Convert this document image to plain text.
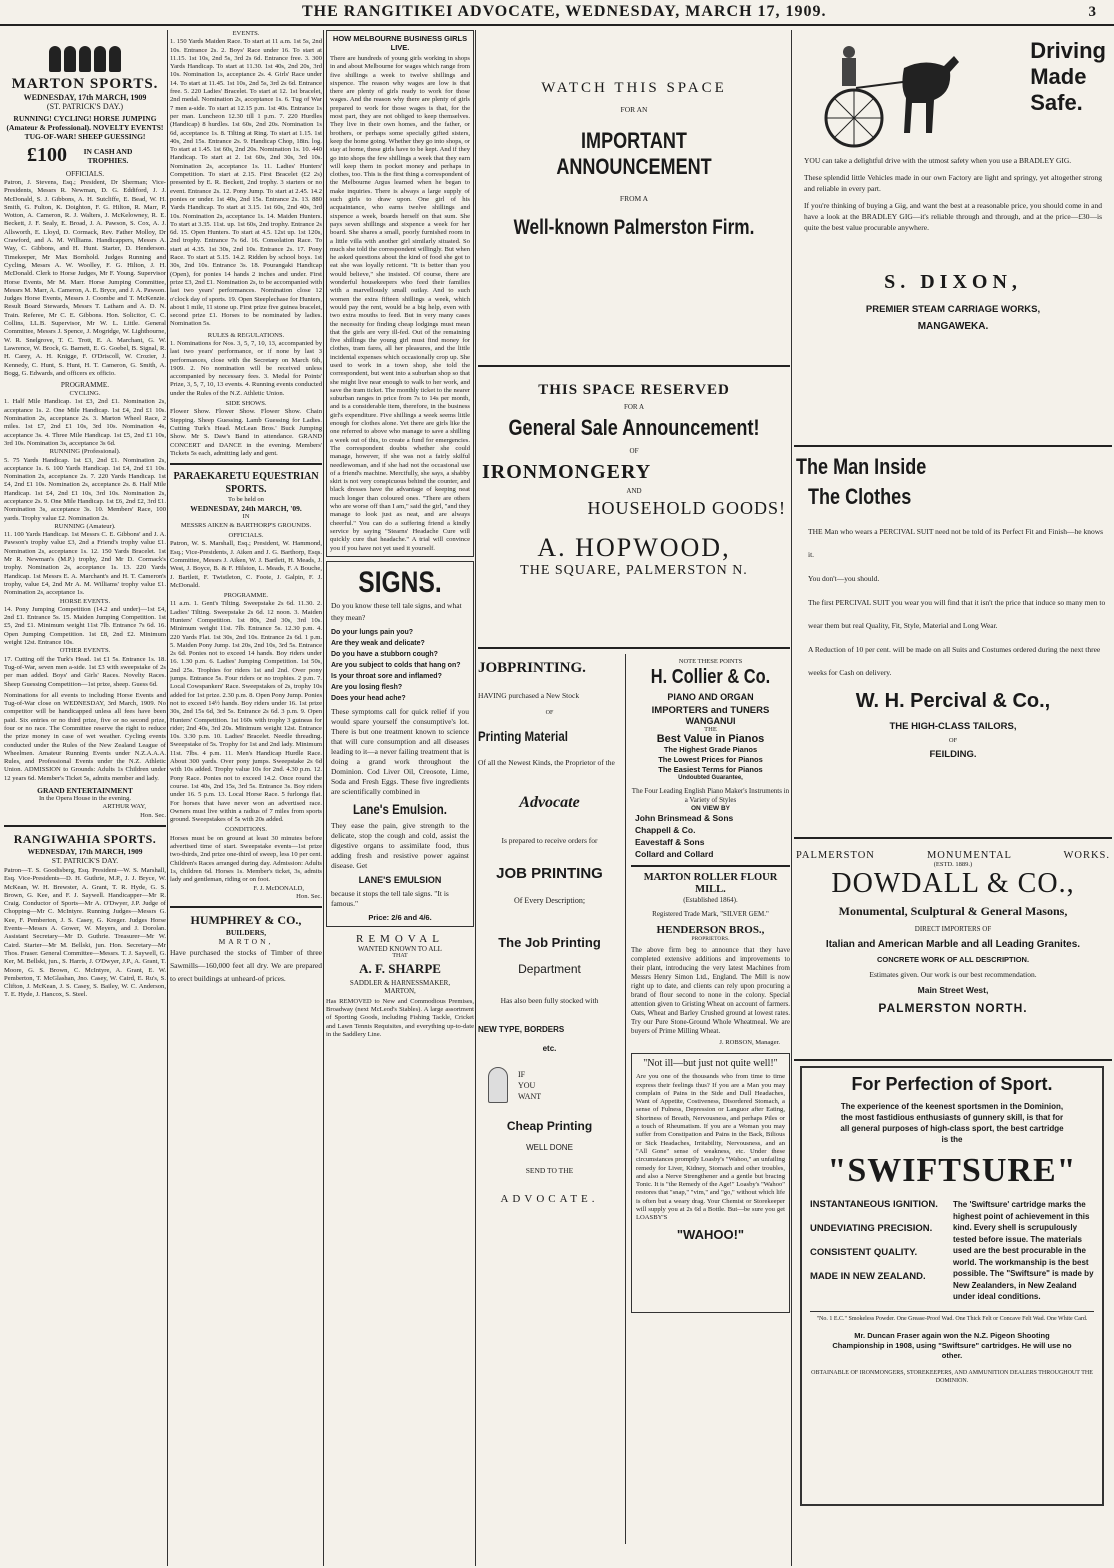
THE RANGITIKEI ADVOCATE, WEDNESDAY, MARCH 17, 1909.	3
MARTON SPORTS.
WEDNESDAY, 17th MARCH, 1909
(ST. PATRICK'S DAY.)
RUNNING! CYCLING! HORSE JUMPING (Amateur & Professional). NOVELTY EVENTS! TUG-OF-WAR! SHEEP GUESSING!
£100	IN CASH AND TROPHIES.
OFFICIALS.
Patron, J. Stevens, Esq.; President, Dr Sherman; Vice-Presidents, Messrs R. Newman, D. G. Eddiford, J. J. McDonald, S. J. Gibbons, A. H. Sutcliffe, E. Bead, W. H. Smith, G. Fulton, K. Doighton, F. G. Hilton, R. Marr, P. Wotton, A. Cameron, R. J. Walters, J. McKelowney, R. E. Beckett, J. F. Sealy, E. Broad, J. A. Pawson, S. Cox, A. J. Allsworth, E. Lloyd, D. Cormack, Rev. Father Molloy, Dr Crawford, and A. M. Williams. Handicappers, Messrs A. Way, C. Gibbons, and H. Hunt. Starter, D. Henderson. Timekeeper, Mr Max Bornhold. Judges Running and Cycling, Messrs A. W. Woolley, F. G. Hilton, J. H. McDonald. Clerk to Horse Judges, Mr F. Young. Supervisor Horse Events, Mr M. Marr. Horse Jumping Committee, Messrs M. Marr, A. Cameron, A. E. Bryce, and J. A. Pawson. Judges Horse Events, Messrs J. Coombe and T. McKenzie. Result Board Stewards, Messrs T. Latham and A. D. N. Train. Referee, Mr C. E. Gibbons. Hon. Solicitor, C. C. Collins, LL.B. Supervisor, Mr W. L. Little. General Committee, Messrs J. Spence, J. Mogridge, W. Lighthourne, W. R. Snelgrove, T. C. Trott, E. A. Marchant, G. W. Lawrence, W. Brock, G. Barnett, E. G. Goebel, B. Signal, R. H. Carey, A. H. Knigge, F. O'Driscoll, W. Crozier, J. Kennedy, C. Hunt, S. Hunt, H. T. Cameron, G. Smith, A. Bogg, G. Edwards, and officers ex officio.
PROGRAMME.
CYCLING.
1. Half Mile Handicap. 1st £3, 2nd £1. Nomination 2s, acceptance 1s. 2. One Mile Handicap. 1st £4, 2nd £1 10s. Nomination 2s, acceptance 2s. 3. Marton Wheel Race, 2 miles. 1st £7, 2nd £1 10s, 3rd 10s. Nomination 4s, acceptance 3s. 4. Three Mile Handicap. 1st £5, 2nd £1 10s, 3rd 10s. Nomination 3s, acceptance 3s 6d.
RUNNING (Professional).
5. 75 Yards Handicap. 1st £3, 2nd £1. Nomination 2s, acceptance 1s. 6. 100 Yards Handicap. 1st £4, 2nd £1 10s. Nomination 2s, acceptance 2s. 7. 220 Yards Handicap. 1st £4, 2nd £1 10s. Nomination 2s, acceptance 2s. 8. Half Mile Handicap. 1st £4, 2nd £1 10s, 3rd 10s. Nomination 2s, acceptance 2s. 9. One Mile Handicap. 1st £6, 2nd £2, 3rd £1. Nomination 3s, acceptance 3s. 10. Members' Race, 100 yards. Trophy value £2. Nomination 2s.
RUNNING (Amateur).
11. 100 Yards Handicap. 1st Messrs C. E. Gibbons' and J. A. Pawson's trophy value £3, 2nd a Friend's trophy value £1. Nomination 2s, acceptance 1s. 12. 150 Yards Bracelet. 1st Mr R. Newman's (M.P.) trophy, 2nd Mr D. Cormack's trophy. Nomination 2s, acceptance 1s. 13. 220 Yards Handicap. 1st Messrs E. A. Marchant's and H. T. Cameron's trophy, value £4, 2nd Mr A. M. Williams' trophy value £1. Nomination 2s, acceptance 1s.
HORSE EVENTS.
14. Pony Jumping Competition (14.2 and under)—1st £4, 2nd £1. Entrance 5s. 15. Maiden Jumping Competition. 1st £5, 2nd £1. Minimum weight 11st 7lb. Entrance 7s 6d. 16. Open Jumping Competition. 1st £8, 2nd £2. Minimum weight 12st. Entrance 10s.
OTHER EVENTS.
17. Cutting off the Turk's Head. 1st £1 5s. Entrance 1s. 18. Tug-of-War, seven men a-side. 1st £3 with sweepstake of 2s per man added. Boys' and Girls' Races. Novelty Races. Sheep Guessing Competition—1st prize, sheep. Guess 6d.
Nominations for all events to including Horse Events and Tug-of-War close on WEDNESDAY, 3rd March, 1909. No competitor will be handicapped unless all fees have been paid. Six entries or no third prize, five or no second prize, four or no race. The Committee reserve the right to reduce the prize money in case of wet weather. Cycling events conducted under the Rules of the New Zealand League of Wheelmen. Amateur Running Events under N.Z.A.A.A. Rules, and Professional Events under the N.Z. Athletic Union. ADMISSION to Grounds: Adults 1s Children under 12 years 6d. Member's Ticket 5s, admits member and lady.
GRAND ENTERTAINMENT
In the Opera House in the evening.
ARTHUR WAY,
Hon. Sec.
RANGIWAHIA SPORTS.
WEDNESDAY, 17th MARCH, 1909
ST. PATRICK'S DAY.
Patron—T. S. Goodisberg, Esq. President—W. S. Marshall, Esq. Vice-Presidents—D. H. Guthrie, M.P., J. J. Bryce, W. McKean, W. H. Brewster, A. Grant, T. R. Hyde, G. S. Brown, G. Kee, and F. J. Saywell. Handicapper—Mr R. Craig. Conductor of Sports—Mr A. O'Dwyer, J.P. Judge of Chopping—Mr C. McIntyre. Running Judges—Messrs G. Kee, F. Pemberton, J. S. Casey, G. Kreger. Judges Horse Events—Messrs A. Gower, W. Meyers, and J. Dorolan. Assistant Secretary—Mr D. Guthrie. Treasurer—Mr W. Caird. Starter—Mr M. Bellski, jun. Hon. Secretary—Mr Thos. Fraser. General Committee—Messrs. T. J. Saywell, G. Ker, M. Bellski, jun., S. Harris, J. O'Dwyer, J.P., A. Grant, T. Moore, G. S. Brown, C. McIntyre, A. Grant, E. W. Pemberton, T. McGlashan, Jno. Casey, W. Caird, E. Ru's, S. Clifton, J. McKean, J. S. Casey, S. Bailey, W. C. Anderson, T. E. Hyde, J. Hancox, S. Steel.
EVENTS.
1. 150 Yards Maiden Race. To start at 11 a.m. 1st 5s, 2nd 10s. Entrance 2s. 2. Boys' Race under 16. To start at 11.15. 1st 10s, 2nd 5s, 3rd 2s 6d. Entrance free. 3. 300 Yards Handicap. To start at 11.30. 1st 40s, 2nd 20s, 3rd 10s. Nomination 1s, acceptance 2s. 4. Girls' Race under 14. To start at 11.45. 1st 10s, 2nd 5s, 3rd 2s 6d. Entrance free. 5. 220 Ladies' Bracelet. To start at 12. 1st bracelet, 2nd medal. Nomination 2s, acceptance 1s. 6. Tug of War 7 men a-side. To start at 12.15 p.m. 1st 40s. Entrance 1s per man. Luncheon 12.30 till 1 p.m. 7. 220 Hurdles (Handicap) 8 hurdles. 1st 60s, 2nd 20s. Nomination 1s 6d, acceptance 1s. 8. Tilting at Ring. To start at 1.15. 1st 40s, 2nd 15s. Entrance 2s. 9. Handicap Chop, 18in. log. To start at 1.45. 1st 60s, 2nd 20s. Nomination 1s. 10. 440 Handicap. To start at 2. 1st 60s, 2nd 30s, 3rd 10s. Nomination 2s, acceptance 1s. 11. Ladies' Hunters' Competition. To start at 2.15. First Bracelet (£2 2s) presented by E. R. Beckett, 2nd trophy. 3 starters or no event. Entrance 2s. 12. Pony Jump. To start at 2.45. 14.2 ponies or under. 1st 40s, 2nd 15s. Entrance 2s. 13. 880 Yards Handicap. To start at 3.15. 1st 60s, 2nd 40s, 3rd 10s. Nomination 2s, acceptance 1s. 14. Maiden Hunters. To start at 3.35. 11st. up. 1st 60s, 2nd trophy. Entrance 2s 6d. 15. Open Hunters. To start at 4.5. 12st up. 1st 120s, 2nd trophy. Entrance 7s 6d. 16. Consolation Race. To start at 4.35. 1st 30s, 2nd 10s. Entrance 2s. 17. Pony Race. To start at 5.15. 14.2. Ridden by school boys. 1st 30s, 2nd 10s. Entrance 3s. 18. Pourangaki Handicap (Open), for ponies 14 hands 2 inches and under. First prize £3, 2nd £1. Nomination 2s, to be accompanied with last two years' performances. Nomination close 12 o'clock day of sports. 19. Open Steeplechase for Hunters, about 1 mile, 11 stone up. First prize five guinea bracelet, second prize £1. Horses to be nominated by ladies. Nomination 5s.
RULES & REGULATIONS.
1. Nominations for Nos. 3, 5, 7, 10, 13, accompanied by last two years' performance, or if none by last 3 performances, close with the Secretary on March 6th, 1909. 2. No nomination will be received unless accompanied by necessary fees. 3. Medal for Points' Prize, 3, 5, 7, 10, 13 events. 4. Running events conducted under the Rules of the N.Z. Athletic Union.
SIDE SHOWS.
Flower Show. Flower Show. Flower Show. Chain Stepping. Sheep Guessing. Lamb Guessing for Ladies. Cutting Turk's Head. McLean Bros.' Buck Jumping Show. Mr S. Daw's Band in attendance. GRAND CONCERT and DANCE in the evening. Members' Tickets 5s each, admitting lady and gent.
PARAEKARETU EQUESTRIAN SPORTS.
To be held on
WEDNESDAY, 24th MARCH, '09.
IN
MESSRS AIKEN & BARTHORP'S GROUNDS.
OFFICIALS.
Patron, W. S. Marshall, Esq.; President, W. Hammond, Esq.; Vice-Presidents, J. Aiken and J. G. Barthorp, Esqs. Committee, Messrs J. Aiken, W. J. Bartlett, H. Meads, J. West, J. Boyce, B. & F. Hilston, L. Meads, F. A Bouche, J. Bartlett, F. Twistleton, C. Foote, J. Galpin, F. J. McDonald.
PROGRAMME.
11 a.m. 1. Gent's Tilting. Sweepstake 2s 6d. 11.30. 2. Ladies' Tilting. Sweepstake 2s 6d. 12 noon. 3. Maiden Hunters' Competition. 1st 80s, 2nd 30s, 3rd 10s. Minimum weight 11st. 7lb. Entrance 5s. 12.30 p.m. 4. 220 Yards Flat. 1st 30s, 2nd 10s. Entrance 2s 6d. 1 p.m. 5. Maiden Pony Jump. 1st 20s, 2nd 10s, 3rd 5s. Entrance 2s 6d. Ponies not to exceed 14 hands. Boy riders under 16. 1.30 p.m. 6. Ladies' Jumping Competition. 1st 50s, 2nd 25s. Trophies for riders 1st and 2nd. Over pony jumps. Entrance 5s. Four riders or no trophies. 2 p.m. 7. Local Cowspankers' Race. Sweepstakes of 2s, trophy 10s added for 1st prize. 2.30 p.m. 8. Open Pony Jump. Ponies not to exceed 14½ hands. Boy riders under 16. 1st prize 30s, 2nd 15s 6d, 3rd 5s. Entrance 2s 6d. 3 p.m. 9. Open Hunters' Competition. 1st 160s with trophy 3 guineas for rider; 2nd 40s, 3rd 20s. Minimum weight 12st. Entrance 10s. 3.30 p.m. 10. Ladies' Bracelet. Needle threading. Sweepstake of 5s. Trophy for 1st and 2nd lady. Minimum 11st. 7lbs. 4 p.m. 11. Men's Handicap Hurdle Race. About 300 yards. Over pony jumps. Sweepstake 2s 6d with 10s added. Trophy value 10s for 2nd. 4.30 p.m. 12. Pony Race. Ponies not to exceed 14.2. Once round the course. 1st 40s, 2nd 15s, 3rd 5s. Entrance 3s. Boy riders under 16. 5 p.m. 13. Local Horse Race. 5 furlongs flat. For horses that have never won an advertised race. Owners must live within a radius of 7 miles from sports ground. Sweepstakes of 5s with 20s added.
CONDITIONS.
Horses must be on ground at least 30 minutes before advertised time of start. Sweepstake events—1st prize two-thirds, 2nd prize one-third of sweep, less 10 per cent. Children's Races arranged during day. Admission: Adults 1s, children 6d. Horses 1s. Member's ticket, 3s, admits lady and gentleman, riding or on foot.
F. J. McDONALD,
Hon. Sec.
HUMPHREY & CO.,
BUILDERS,
MARTON,
Have purchased the stocks of Timber of three Sawmills—160,000 feet all dry. We are prepared to erect buildings at unheard-of prices.
HOW MELBOURNE BUSINESS GIRLS LIVE.
There are hundreds of young girls working in shops in and about Melbourne for wages which range from five shillings a week to twelve shillings and sixpence. The reason why wages are low is that there are plenty of girls ready to work for those wages. And the reason why there are plenty of girls prepared to work for those wages is that, for the most part, they are not obliged to keep themselves. They live in their own homes, and the father, or brothers, or perhaps some specially gifted sisters, keep the home going. Whether they go into shops, or stay at home, these girls have to be kept. And if they go into shops the few shillings a week that they earn will keep them in pocket money and perhaps in clothes, too. This is the first thing a correspondent of the Melbourne Argus learned when he began to make inquiries. There is always a large supply of such girls to draw upon. One girl of his acquaintance, who earns twelve shillings and sixpence a week, boards herself on that sum. She pays seven shillings and sixpence a week for her board. She shares a small, poorly furnished room in a little villa with another girl similarly situated. So much she told the correspondent willingly. But when he asked questions about the kind of food she got to eat she was loyally reticent. "It is better than you would believe," she insisted. Of course, there are wonderful housekeepers who feed their families with a marvellously small outlay. And to such women the extra fifteen shillings a week, which would pay the rent, would be a big help, even with two extra mouths to feed. But in very many cases the necessity for finding cheap lodgings must mean that the girls are very ill-fed. Out of the remaining five shillings the young girl must find money for clothes, tram fares, all her pleasures, and the little incidental expenses which occasionally crop up. She used to work in a town shop, she told the correspondent, but went into a suburban shop so that she might live near enough to walk to her work, and save the tram ticket. The monthly ticket to the nearer suburban ranges in price from 7s to 14s per month, and is a considerable item, therefore, in the business girl's expenditure. Five shillings a week seems little enough for clothes alone. Yet there are girls like the one referred to above who manage to save a shilling a week out of this, to create a fund for emergencies. The correspondent doubts whether she could manage, however, if she was not a fairly skilful needlewoman, and if she had not the occasional use of a friend's machine. Mercifully, she says, a shabby skirt is not very conspicuous behind the counter, and black dresses have the advantage of keeping neat much longer than coloured ones. "There are others who are worse off than I am," said the girl, "and they manage to look just as neat, and are always cheerful." You can do a suffering friend a kindly service by saying "Stearns' Headache Cure will quickly cure that headache." A trial will convince you if you have not yet used it yourself.
SIGNS.
Do you know these tell tale signs, and what they mean?
Do your lungs pain you?
Are they weak and delicate?
Do you have a stubborn cough?
Are you subject to colds that hang on?
Is your throat sore and inflamed?
Are you losing flesh?
Does your head ache?
These symptoms call for quick relief if you would spare yourself the consumptive's lot. There is but one treatment known to science that will cure consumption and all diseases leading to it—a never failing treatment that is doing a grand work throughout the Dominion. Cod Liver Oil, Creosote, Lime, Soda and Fresh Eggs. These five ingredients are scientifically combined in
Lane's Emulsion.
They ease the pain, give strength to the delicate, stop the cough and cold, assist the digestive organs to assimilate food, thus adding fresh and resistive power against disease. Get
LANE'S EMULSION
because it stops the tell tale signs. "It is famous."
Price: 2/6 and 4/6.
REMOVAL
WANTED KNOWN TO ALL
THAT
A. F. SHARPE
SADDLER & HARNESSMAKER,
MARTON,
Has REMOVED to New and Commodious Premises, Broadway (next McLeod's Stables). A large assortment of Sporting Goods, including Fishing Tackle, Cricket and Lawn Tennis Requisites, and everything up-to-date in the Saddlery Line.
WATCH THIS SPACE
FOR AN
IMPORTANT ANNOUNCEMENT
FROM A
Well-known Palmerston Firm.
THIS SPACE RESERVED
FOR A
General Sale Announcement!
OF
IRONMONGERY
AND
HOUSEHOLD GOODS!
A. HOPWOOD,
THE SQUARE, PALMERSTON N.
JOBPRINTING.
HAVING purchased a New Stock
OF
Printing Material
Of all the Newest Kinds, the Proprietor of the
Advocate
Is prepared to receive orders for
JOB PRINTING
Of Every Description;
The Job Printing
Department
Has also been fully stocked with
NEW TYPE, BORDERS
etc.
IF
YOU
WANT
Cheap Printing
WELL DONE
SEND TO THE
ADVOCATE.
NOTE THESE POINTS
H. Collier & Co.
PIANO AND ORGAN
IMPORTERS and TUNERS
WANGANUI
THE
Best Value in Pianos
The Highest Grade Pianos
The Lowest Prices for Pianos
The Easiest Terms for Pianos
Undoubted Guarantee,
The Four Leading English Piano Maker's Instruments in a Variety of Styles
ON VIEW BY
John Brinsmead & Sons
Chappell & Co.
Eavestaff & Sons
Collard and Collard
MARTON ROLLER FLOUR MILL.
(Established 1864).
Registered Trade Mark, "SILVER GEM."
HENDERSON BROS.,
PROPRIETORS.
The above firm beg to announce that they have completed extensive additions and improvements to their plant, introducing the very latest Machines from Messrs Henry Simon Ltd., England. The Mill is now right up to date, and clients can rely upon procuring a brand of flour second to none in the colony. Special attention given to Gristing Wheat on account of farmers. Oats, Wheat and Barley Crushed ground at lowest rates. Try our Pure Stone-Ground Whole Wheatmeal. We are buyers of Prime Milling Wheat.
J. ROBSON, Manager.
"Not ill—but just not quite well!"
Are you one of the thousands who from time to time express their feelings thus? If you are a Man you may complain of Pains in the Side and Dull Headaches, Want of Appetite, Costiveness, Disordered Stomach, a sense of Fulness, Depression or Languor after Eating, Shortness of Breath, Nervousness, and perhaps Piles or a touch of Rheumatism. If you are a Woman you may suffer from Constipation and Pains in the Back, Bilious or Sick Headaches, Irritability, Nervousness, and an "All Gone" sense of weakness, etc. Under these circumstances promptly Loasby's "Wahoo," an unfailing remedy for Liver, Kidney, Stomach and other troubles, and also a Nerve Strengthener and a gentle but bracing Tonic. It is "the Remedy of the Age!" Loasby's "Wahoo" restores that "snap," "vim," and "go," without which life is often but a weary drag. Your Chemist or Storekeeper will supply you at 2s 6d a Bottle. But—be sure you get LOASBY'S
"WAHOO!"
Driving
Made
Safe.

YOU can take a delightful drive with the utmost safety when you use a BRADLEY GIG.

These splendid little Vehicles made in our own Factory are light and springy, yet altogether strong and reliable in every part.

If you're thinking of buying a Gig, and want the best at a reasonable price, you should come in and have a look at the BRADLEY GIG—it's reliable through and through, and at the price—£30—is quite the best value procurable anywhere.

S. DIXON,
PREMIER STEAM CARRIAGE WORKS,
MANGAWEKA.
The Man Inside
The Clothes

THE Man who wears a PERCIVAL SUIT need not be told of its Perfect Fit and Finish—he knows it.

You don't—you should.

The first PERCIVAL SUIT you wear you will find that it isn't the price that induce so many men to wear them but real Quality, Fit, Style, Material and Long Wear.

A Reduction of 10 per cent. will be made on all Suits and Costumes ordered during the next three weeks for Cash on delivery.

W. H. Percival & Co.,
THE HIGH-CLASS TAILORS,
OF
FEILDING.
PALMERSTON MONUMENTAL WORKS.
(ESTD. 1889.)
DOWDALL & CO.,
Monumental, Sculptural & General Masons,
DIRECT IMPORTERS OF
Italian and American Marble and all Leading Granites.
CONCRETE WORK OF ALL DESCRIPTION.
Estimates given. Our work is our best recommendation.
Main Street West,
PALMERSTON NORTH.
For Perfection of Sport.
The experience of the keenest sportsmen in the Dominion, the most fastidious enthusiasts of gunnery skill, is that for all general purposes of high-class sport, the best cartridge is the
"SWIFTSURE"
INSTANTANEOUS IGNITION.
UNDEVIATING PRECISION.
CONSISTENT QUALITY.
MADE IN NEW ZEALAND.
The 'Swiftsure' cartridge marks the highest point of achievement in this kind. Every shell is scrupulously tested before issue. The materials used are the best procurable in the world. The workmanship is the best possible. The "Swiftsure" is made by New Zealanders, in New Zealand under ideal conditions.
"No. 1 E.C." Smokeless Powder. One Grease-Proof Wad. One Thick Felt or Concave Felt Wad. One White Card.
Mr. Duncan Fraser again won the N.Z. Pigeon Shooting Championship in 1908, using "Swiftsure" cartridges. He will use no other.
OBTAINABLE OF IRONMONGERS, STOREKEEPERS, AND AMMUNITION DEALERS THROUGHOUT THE DOMINION.
